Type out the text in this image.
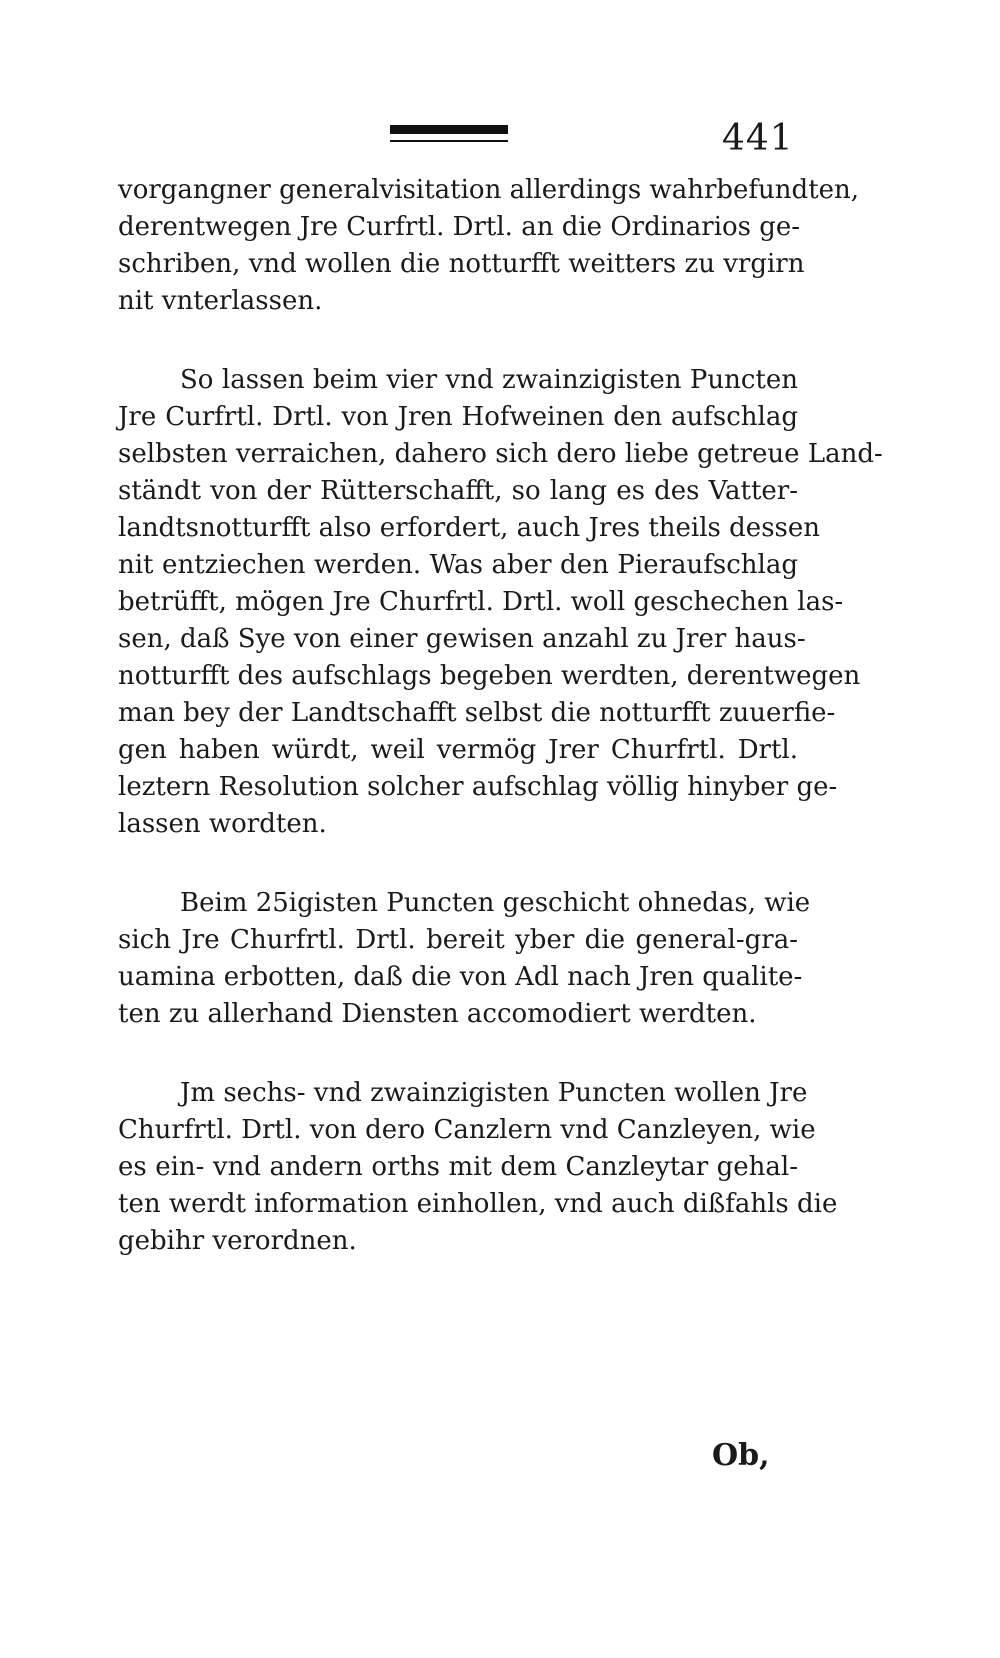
441
vorgangner generalvisitation allerdings wahrbefundten,
derentwegen Jre Curfrtl. Drtl. an die Ordinarios ge-
schriben, vnd wollen die notturfft weitters zu vrgirn
nit vnterlassen.
So lassen beim vier vnd zwainzigisten Puncten
Jre Curfrtl. Drtl. von Jren Hofweinen den aufschlag
selbsten verraichen, dahero sich dero liebe getreue Land-
ständt von der Rütterschafft, so lang es des Vatter-
landtsnotturfft also erfordert, auch Jres theils dessen
nit entziechen werden. Was aber den Pieraufschlag
betrüfft, mögen Jre Churfrtl. Drtl. woll geschechen las-
sen, daß Sye von einer gewisen anzahl zu Jrer haus-
notturfft des aufschlags begeben werdten, derentwegen
man bey der Landtschafft selbst die notturfft zuuerfie-
gen haben würdt, weil vermög Jrer Churfrtl. Drtl.
leztern Resolution solcher aufschlag völlig hinyber ge-
lassen wordten.
Beim 25igisten Puncten geschicht ohnedas, wie
sich Jre Churfrtl. Drtl. bereit yber die general-gra-
uamina erbotten, daß die von Adl nach Jren qualite-
ten zu allerhand Diensten accomodiert werdten.
Jm sechs- vnd zwainzigisten Puncten wollen Jre
Churfrtl. Drtl. von dero Canzlern vnd Canzleyen, wie
es ein- vnd andern orths mit dem Canzleytar gehal-
ten werdt information einhollen, vnd auch dißfahls die
gebihr verordnen.
Ob,
